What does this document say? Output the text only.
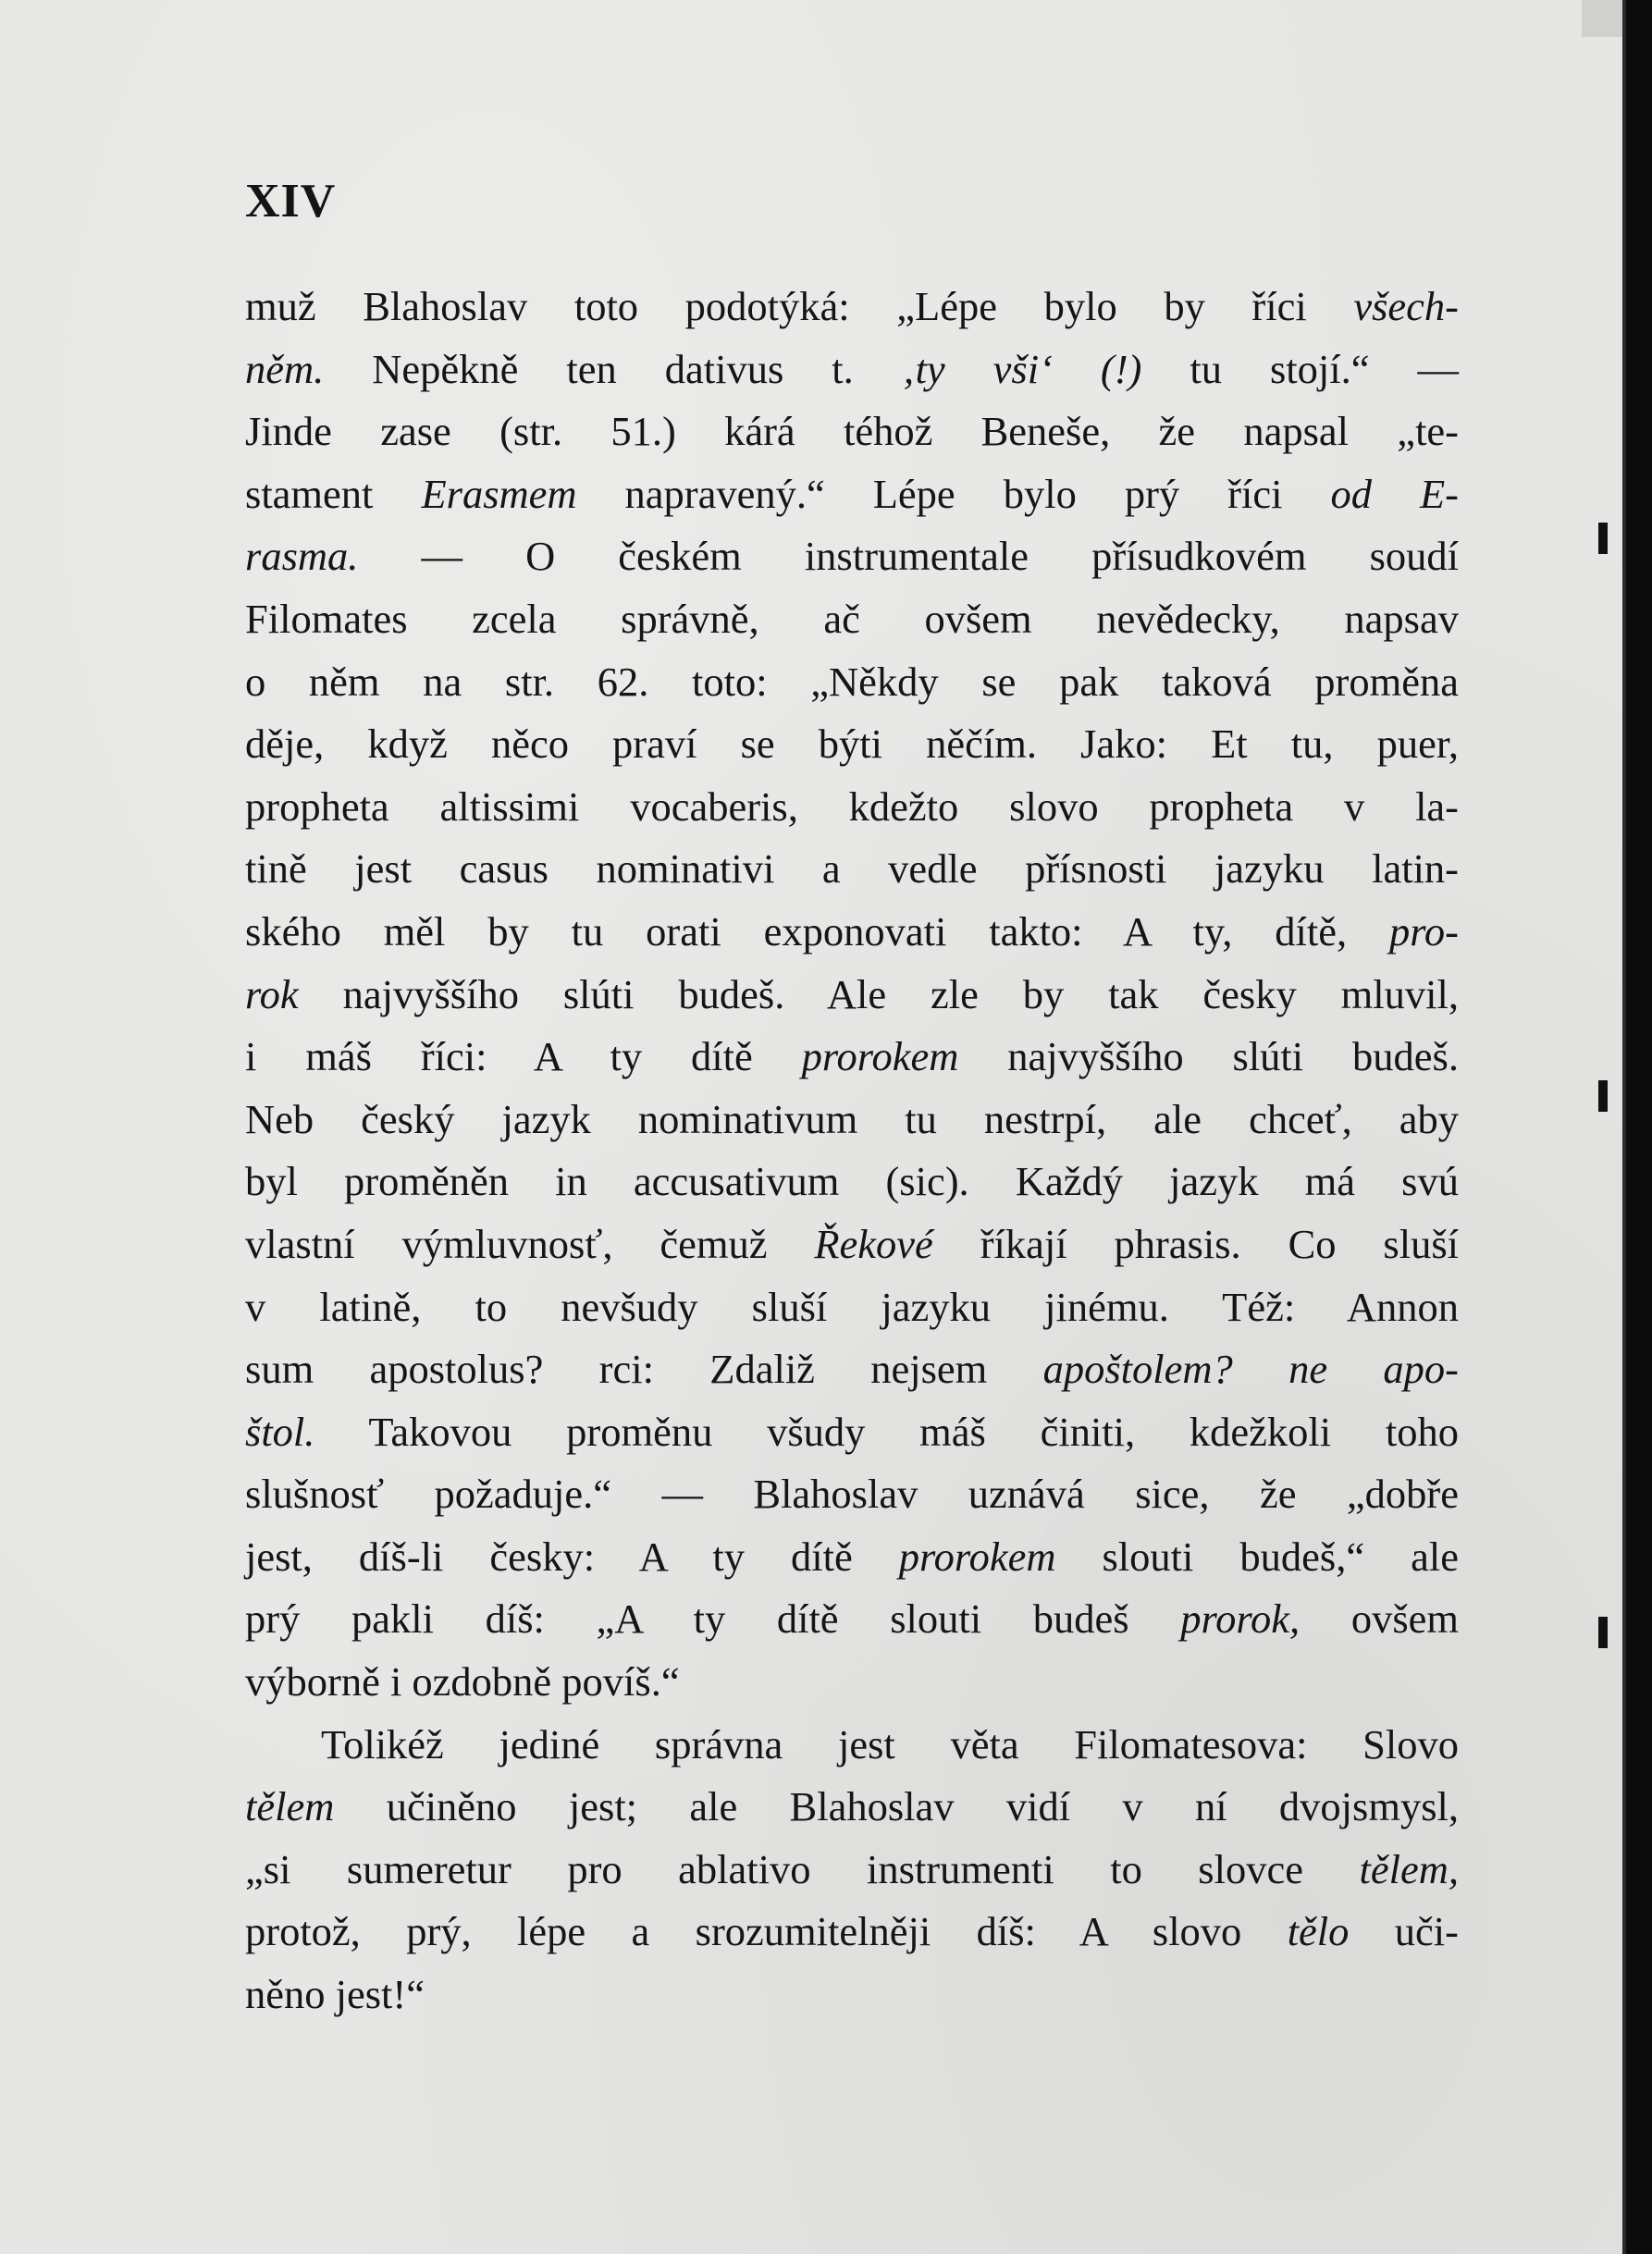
XIV
muž Blahoslav toto podotýká: „Lépe bylo by říci všech-
něm. Nepěkně ten dativus t. ‚ty vši‘ (!) tu stojí.“ —
Jinde zase (str. 51.) kárá téhož Beneše, že napsal „te-
stament Erasmem napravený.“ Lépe bylo prý říci od E-
rasma. — O českém instrumentale přísudkovém soudí
Filomates zcela správně, ač ovšem nevědecky, napsav
o něm na str. 62. toto: „Někdy se pak taková proměna
děje, když něco praví se býti něčím. Jako: Et tu, puer,
propheta altissimi vocaberis, kdežto slovo propheta v la-
tině jest casus nominativi a vedle přísnosti jazyku latin-
ského měl by tu orati exponovati takto: A ty, dítě, pro-
rok najvyššího slúti budeš. Ale zle by tak česky mluvil,
i máš říci: A ty dítě prorokem najvyššího slúti budeš.
Neb český jazyk nominativum tu nestrpí, ale chceť, aby
byl proměněn in accusativum (sic). Každý jazyk má svú
vlastní výmluvnosť, čemuž Řekové říkají phrasis. Co sluší
v latině, to nevšudy sluší jazyku jinému. Též: Annon
sum apostolus? rci: Zdaliž nejsem apoštolem? ne apo-
štol. Takovou proměnu všudy máš činiti, kdežkoli toho
slušnosť požaduje.“ — Blahoslav uznává sice, že „dobře
jest, díš-li česky: A ty dítě prorokem slouti budeš,“ ale
prý pakli díš: „A ty dítě slouti budeš prorok, ovšem
výborně i ozdobně povíš.“
Tolikéž jediné správna jest věta Filomatesova: Slovo
tělem učiněno jest; ale Blahoslav vidí v ní dvojsmysl,
„si sumeretur pro ablativo instrumenti to slovce tělem,
protož, prý, lépe a srozumitelněji díš: A slovo tělo uči-
něno jest!“
